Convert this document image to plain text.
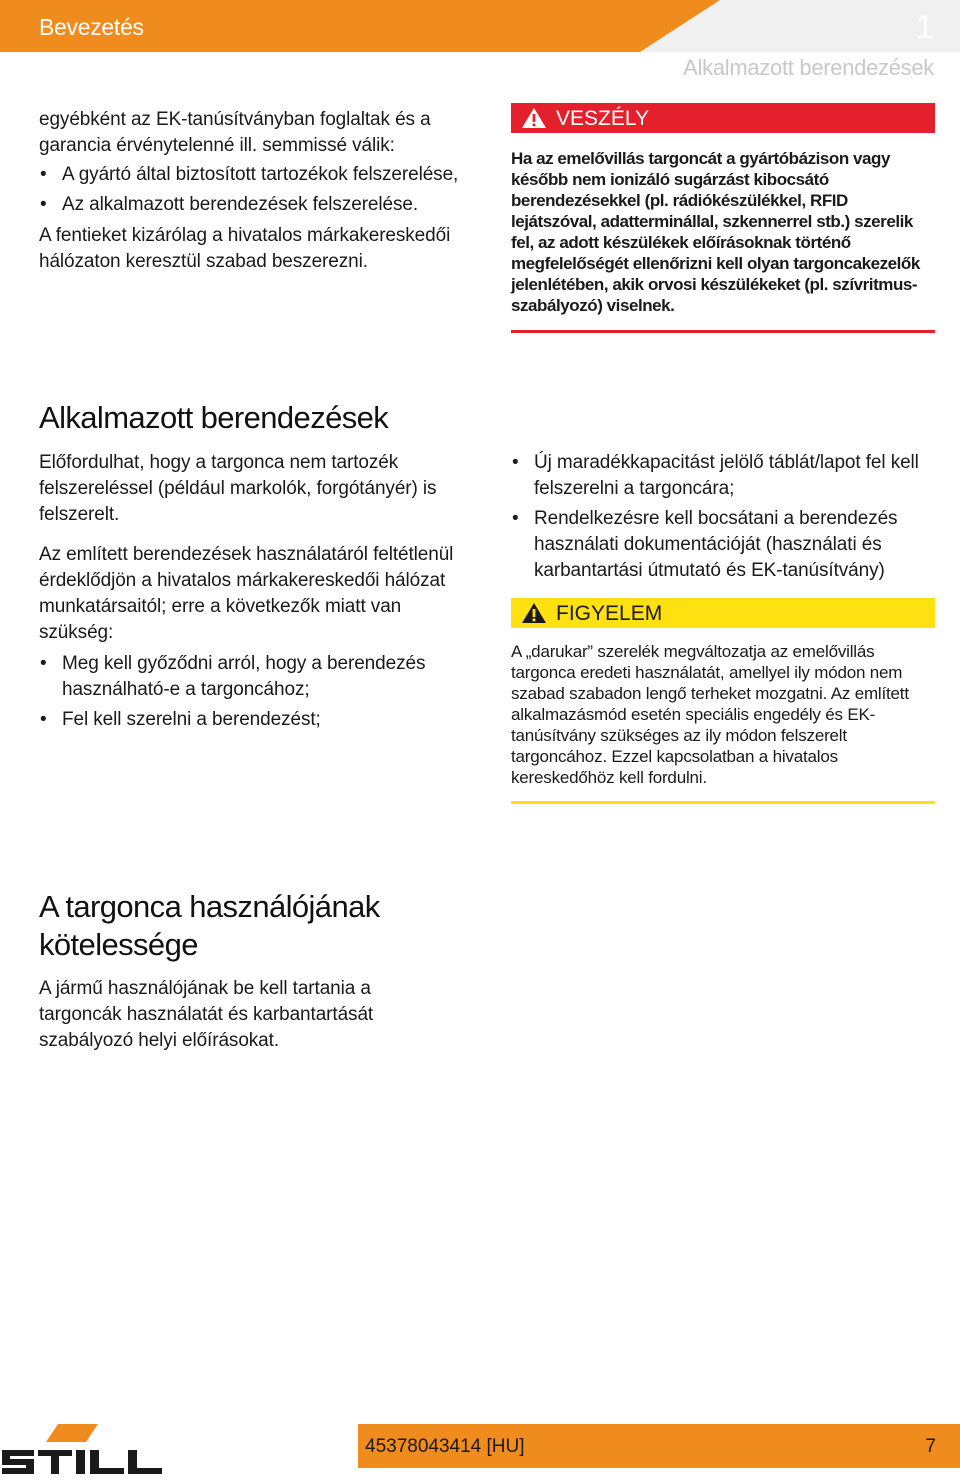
Bevezetés	1
Alkalmazott berendezések

egyébként az EK-tanúsítványban foglaltak és a garancia érvénytelenné ill. semmissé válik:

• A gyártó által biztosított tartozékok felszerelése,
• Az alkalmazott berendezések felszerelése.

A fentieket kizárólag a hivatalos márkakereskedői hálózaton keresztül szabad beszerezni.

VESZÉLY

Ha az emelővillás targoncát a gyártóbázison vagy később nem ionizáló sugárzást kibocsátó berendezésekkel (pl. rádiókészülékkel, RFID lejátszóval, adatterminállal, szkennerrel stb.) szerelik fel, az adott készülékek előírásoknak történő megfelelőségét ellenőrizni kell olyan targoncakezelők jelenlétében, akik orvosi készülékeket (pl. szívritmus-szabályozó) viselnek.

Alkalmazott berendezések

Előfordulhat, hogy a targonca nem tartozék felszereléssel (például markolók, forgótányér) is felszerelt.

Az említett berendezések használatáról feltétlenül érdeklődjön a hivatalos márkakereskedői hálózat munkatársaitól; erre a következők miatt van szükség:

• Meg kell győződni arról, hogy a berendezés használható-e a targoncához;
• Fel kell szerelni a berendezést;
• Új maradékkapacitást jelölő táblát/lapot fel kell felszerelni a targoncára;
• Rendelkezésre kell bocsátani a berendezés használati dokumentációját (használati és karbantartási útmutató és EK-tanúsítvány)
FIGYELEM

A „darukar” szerelék megváltozatja az emelővillás targonca eredeti használatát, amellyel ily módon nem szabad szabadon lengő terheket mozgatni. Az említett alkalmazásmód esetén speciális engedély és EK-tanúsítvány szükséges az ily módon felszerelt targoncához. Ezzel kapcsolatban a hivatalos kereskedőhöz kell fordulni.

A targonca használójának kötelessége

A jármű használójának be kell tartania a targoncák használatát és karbantartását szabályozó helyi előírásokat.

45378043414 [HU]	7
